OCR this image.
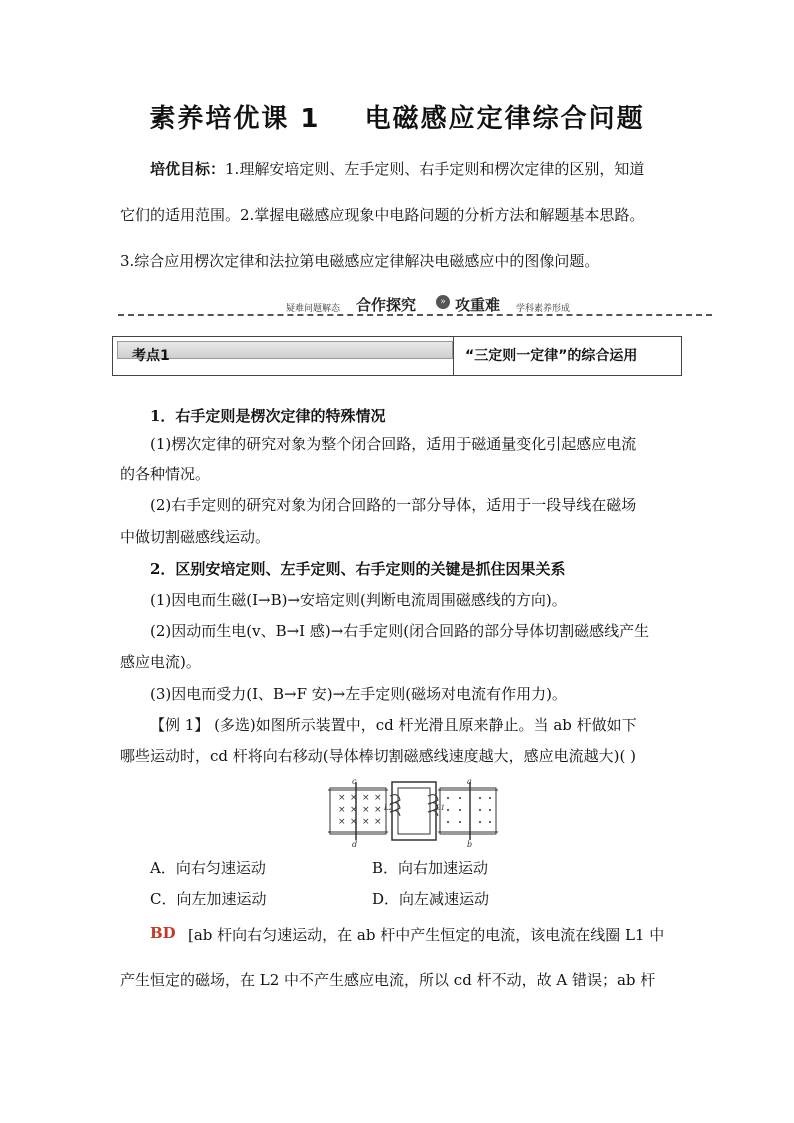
素养培优课 1    电磁感应定律综合问题
培优目标：1.理解安培定则、左手定则、右手定则和楞次定律的区别，知道
它们的适用范围。2.掌握电磁感应现象中电路问题的分析方法和解题基本思路。
3.综合应用楞次定律和法拉第电磁感应定律解决电磁感应中的图像问题。
疑难问题解态 合作探究	» 攻重难 学科素养形成
考点1	“三定则一定律”的综合运用
1．右手定则是楞次定律的特殊情况
(1)楞次定律的研究对象为整个闭合回路，适用于磁通量变化引起感应电流
的各种情况。
(2)右手定则的研究对象为闭合回路的一部分导体，适用于一段导线在磁场
中做切割磁感线运动。
2．区别安培定则、左手定则、右手定则的关键是抓住因果关系
(1)因电而生磁(I→B)→安培定则(判断电流周围磁感线的方向)。
(2)因动而生电(v、B→I 感)→右手定则(闭合回路的部分导体切割磁感线产生
感应电流)。
(3)因电而受力(I、B→F 安)→左手定则(磁场对电流有作用力)。
【例 1】 (多选)如图所示装置中，cd 杆光滑且原来静止。当 ab 杆做如下
哪些运动时，cd 杆将向右移动(导体棒切割磁感线速度越大，感应电流越大)( )
× × × ×
× × × ×
× × × ×
c
d
L2	L1
a
b
A．向右匀速运动	B．向右加速运动
C．向左加速运动	D．向左减速运动
BD [ab 杆向右匀速运动，在 ab 杆中产生恒定的电流，该电流在线圈 L1 中
产生恒定的磁场，在 L2 中不产生感应电流，所以 cd 杆不动，故 A 错误；ab 杆
